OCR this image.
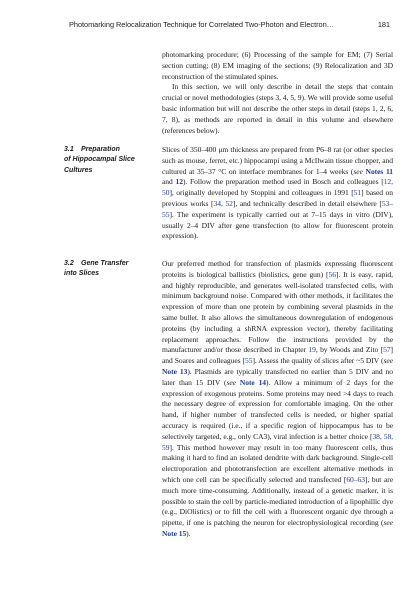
Photomarking Relocalization Technique for Correlated Two-Photon and Electron…	181

photomarking procedure; (6) Processing of the sample for EM; (7) Serial section cutting; (8) EM imaging of the sections; (9) Relocalization and 3D reconstruction of the stimulated spines.

In this section, we will only describe in detail the steps that contain crucial or novel methodologies (steps 3, 4, 5, 9). We will provide some useful basic information but will not describe the other steps in detail (steps 1, 2, 6, 7, 8), as methods are reported in detail in this volume and elsewhere (references below).

3.1 Preparation
of Hippocampal Slice
Cultures

Slices of 350–400 μm thickness are prepared from P6–8 rat (or other species such as mouse, ferret, etc.) hippocampi using a McIlwain tissue chopper, and cultured at 35–37 °C on interface membranes for 1–4 weeks (see Notes 11 and 12). Follow the preparation method used in Bosch and colleagues [12, 50], originally developed by Stoppini and colleagues in 1991 [51] based on previous works [34, 52], and technically described in detail elsewhere [53–55]. The experiment is typically carried out at 7–15 days in vitro (DIV), usually 2–4 DIV after gene transfection (to allow for fluorescent protein expression).

3.2 Gene Transfer
into Slices

Our preferred method for transfection of plasmids expressing fluorescent proteins is biological ballistics (biolistics, gene gun) [56]. It is easy, rapid, and highly reproducible, and generates well-isolated transfected cells, with minimum background noise. Compared with other methods, it facilitates the expression of more than one protein by combining several plasmids in the same bullet. It also allows the simultaneous downregulation of endogenous proteins (by including a shRNA expression vector), thereby facilitating replacement approaches. Follow the instructions provided by the manufacturer and/or those described in Chapter 19, by Woods and Zito [57] and Soares and colleagues [55]. Assess the quality of slices after ~5 DIV (see Note 13). Plasmids are typically transfected no earlier than 5 DIV and no later than 15 DIV (see Note 14). Allow a minimum of 2 days for the expression of exogenous proteins. Some proteins may need >4 days to reach the necessary degree of expression for comfortable imaging. On the other hand, if higher number of transfected cells is needed, or higher spatial accuracy is required (i.e., if a specific region of hippocampus has to be selectively targeted, e.g., only CA3), viral infection is a better choice [38, 58, 59]. This method however may result in too many fluorescent cells, thus making it hard to find an isolated dendrite with dark background. Single-cell electroporation and phototransfection are excellent alternative methods in which one cell can be specifically selected and transfected [60–63], but are much more time-consuming. Additionally, instead of a genetic marker, it is possible to stain the cell by particle-mediated introduction of a lipophillic dye (e.g., DiOlistics) or to fill the cell with a fluorescent organic dye through a pipette, if one is patching the neuron for electrophysiological recording (see Note 15).
